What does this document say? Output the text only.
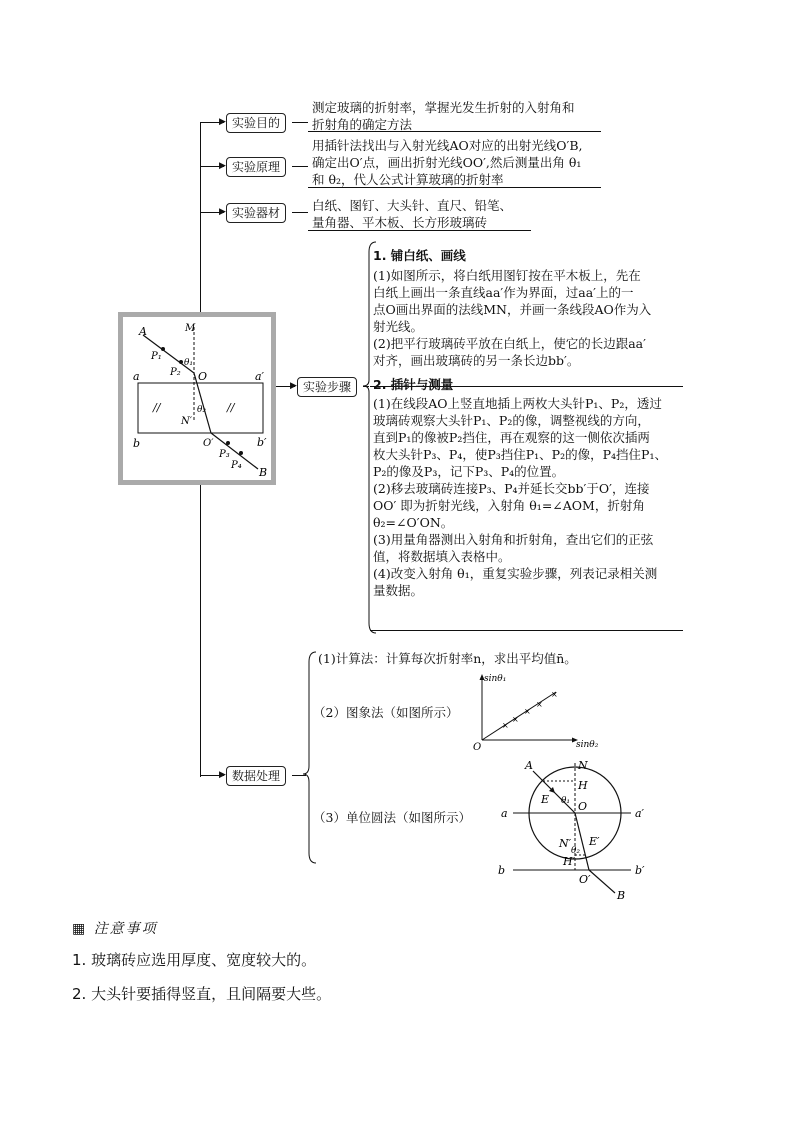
▶
▶
▶
▶
▶
实验目的
实验原理
实验器材
实验步骤
数据处理
测定玻璃的折射率，掌握光发生折射的入射角和
折射角的确定方法
用插针法找出与入射光线AO对应的出射光线O′B,
确定出O′点，画出折射光线OO′,然后测量出角 θ₁
和 θ₂，代人公式计算玻璃的折射率
白纸、图钉、大头针、直尺、铅笔、
量角器、平木板、长方形玻璃砖
1. 铺白纸、画线
(1)如图所示，将白纸用图钉按在平木板上，先在
白纸上画出一条直线aa′作为界面，过aa′上的一
点O画出界面的法线MN，并画一条线段AO作为入
射光线。
(2)把平行玻璃砖平放在白纸上，使它的长边跟aa′
对齐，画出玻璃砖的另一条长边bb′。
2. 插针与测量
(1)在线段AO上竖直地插上两枚大头针P₁、P₂，透过
玻璃砖观察大头针P₁、P₂的像，调整视线的方向，
直到P₁的像被P₂挡住，再在观察的这一侧依次插两
枚大头针P₃、P₄，使P₃挡住P₁、P₂的像，P₄挡住P₁、
P₂的像及P₃，记下P₃、P₄的位置。
(2)移去玻璃砖连接P₃、P₄并延长交bb′于O′，连接
OO′ 即为折射光线，入射角 θ₁=∠AOM，折射角
θ₂=∠O′ON。
(3)用量角器测出入射角和折射角，查出它们的正弦
值，将数据填入表格中。
(4)改变入射角 θ₁，重复实验步骤，列表记录相关测
量数据。
A	M
P₁
P₂
θ₁
O
a	a′
N′
θ₂
b	O′	b′
P₃
P₄
B
//	//
(1)计算法：计算每次折射率n，求出平均值n̄。
（2）图象法（如图所示）
（3）单位圆法（如图所示）
×
×
×
×
×
sinθ₁
sinθ₂
O
A	N
H
E θ₁ O
a	a′
N′
θ₂
E′
H′
b	b′
O′
B
▦ 注意事项
1. 玻璃砖应选用厚度、宽度较大的。
2. 大头针要插得竖直，且间隔要大些。
